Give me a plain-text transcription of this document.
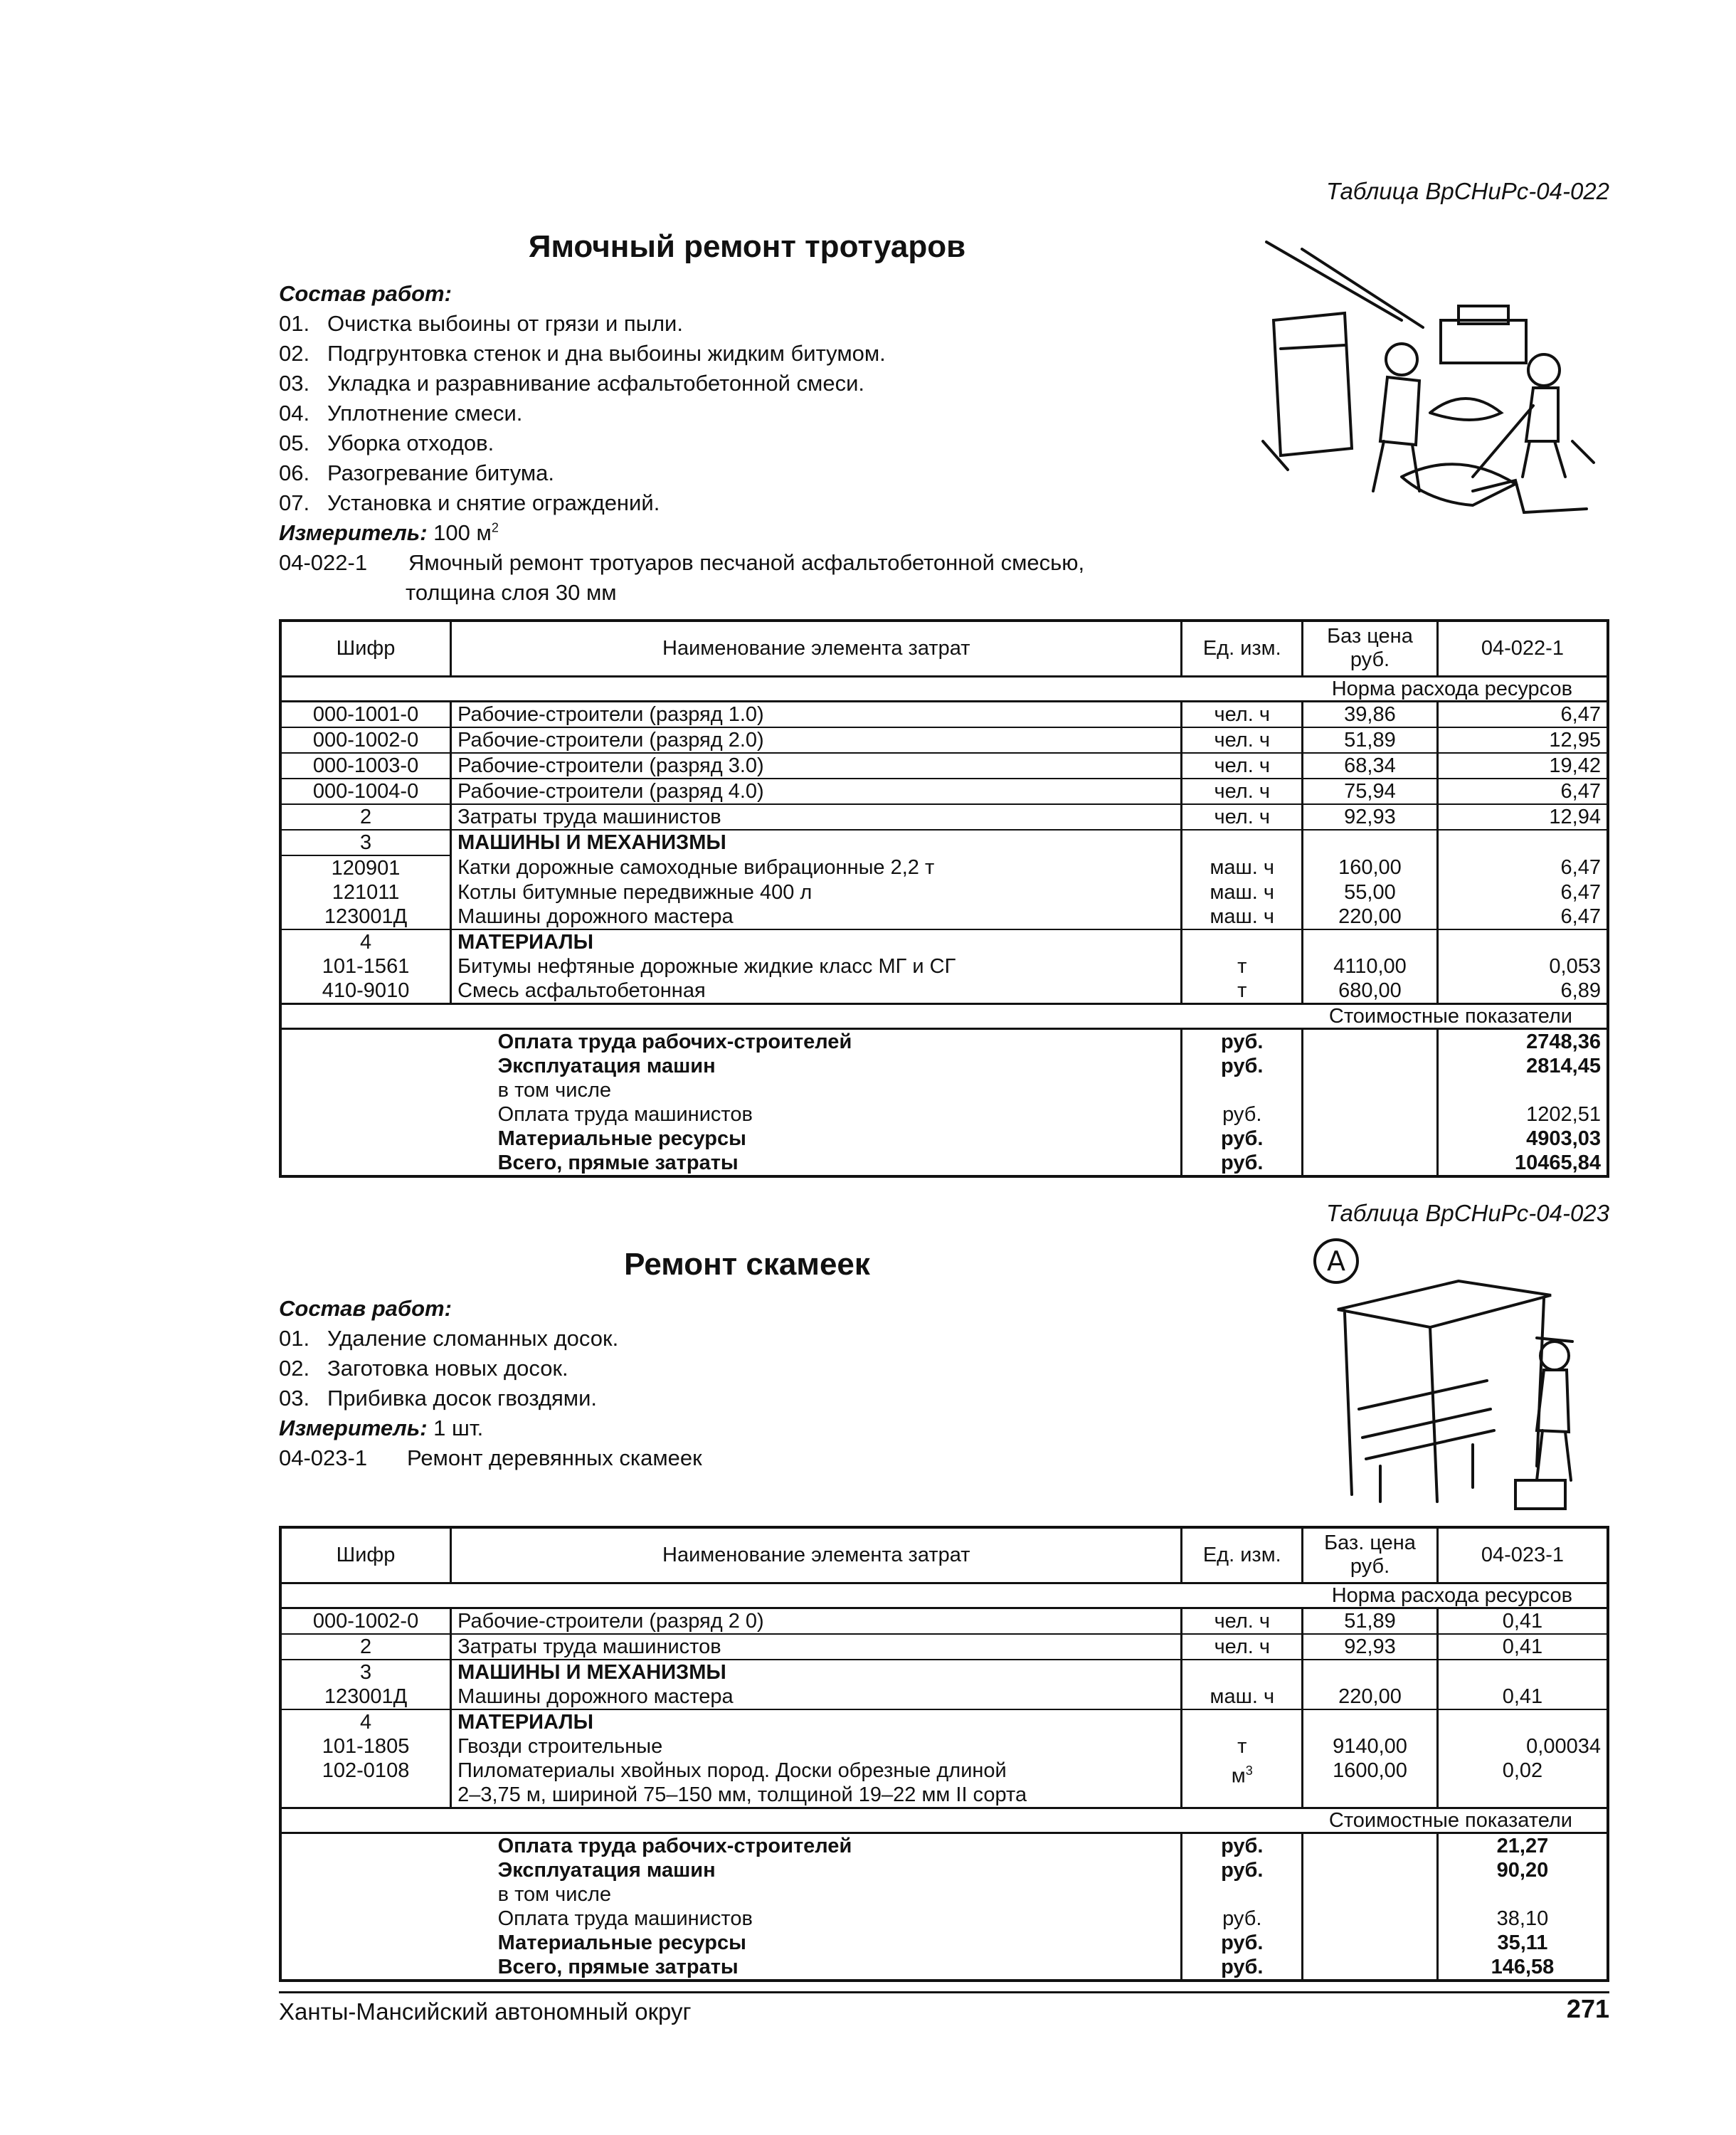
Таблица ВрСНиРс-04-022
Ямочный ремонт тротуаров
Состав работ:
01. Очистка выбоины от грязи и пыли.
02. Подгрунтовка стенок и дна выбоины жидким битумом.
03. Укладка и разравнивание асфальтобетонной смеси.
04. Уплотнение смеси.
05. Уборка отходов.
06. Разогревание битума.
07. Установка и снятие ограждений.
Измеритель: 100 $м^2$
04-022-1 Ямочный ремонт тротуаров песчаной асфальтобетонной смесью,
толщина слоя 30 мм
Шифр	Наименование элемента затрат	Ед. изм.	Баз цена руб.	04-022-1
Норма расхода ресурсов				
000-1001-0	Рабочие-строители (разряд 1.0)	чел. ч	39,86	6,47
000-1002-0	Рабочие-строители (разряд 2.0)	чел. ч	51,89	12,95
000-1003-0	Рабочие-строители (разряд 3.0)	чел. ч	68,34	19,42
000-1004-0	Рабочие-строители (разряд 4.0)	чел. ч	75,94	6,47
2	Затраты труда машинистов	чел. ч	92,93	12,94
3	МАШИНЫ И МЕХАНИЗМЫ			
120901	Катки дорожные самоходные вибрационные 2,2 т	маш. ч	160,00	6,47
121011	Котлы битумные передвижные 400 л	маш. ч	55,00	6,47
123001Д	Машины дорожного мастера	маш. ч	220,00	6,47
4	МАТЕРИАЛЫ			
101-1561	Битумы нефтяные дорожные жидкие класс МГ и СГ	т	4110,00	0,053
410-9010	Смесь асфальтобетонная	т	680,00	6,89
Стоимостные показатели				
	Оплата труда рабочих-строителей	руб.		2748,36
	Эксплуатация машин	руб.		2814,45
	в том числе			
	Оплата труда машинистов	руб.		1202,51
	Материальные ресурсы	руб.		4903,03
	Всего, прямые затраты	руб.		10465,84
Таблица ВрСНиРс-04-023
Ремонт скамеек
Состав работ:
01. Удаление сломанных досок.
02. Заготовка новых досок.
03. Прибивка досок гвоздями.
Измеритель: 1 шт.
04-023-1 Ремонт деревянных скамеек
A
Шифр	Наименование элемента затрат	Ед. изм.	Баз. цена руб.	04-023-1
Норма расхода ресурсов				
000-1002-0	Рабочие-строители (разряд 2 0)	чел. ч	51,89	0,41
2	Затраты труда машинистов	чел. ч	92,93	0,41
3	МАШИНЫ И МЕХАНИЗМЫ			
123001Д	Машины дорожного мастера	маш. ч	220,00	0,41
4	МАТЕРИАЛЫ			
101-1805	Гвозди строительные	т	9140,00	0,00034
102-0108	Пиломатериалы хвойных пород. Доски обрезные длиной
2–3,75 м, шириной 75–150 мм, толщиной 19–22 мм II сорта	$м^3$	1600,00	0,02
Стоимостные показатели				
	Оплата труда рабочих-строителей	руб.		21,27
	Эксплуатация машин	руб.		90,20
	в том числе			
	Оплата труда машинистов	руб.		38,10
	Материальные ресурсы	руб.		35,11
	Всего, прямые затраты	руб.		146,58
Ханты-Мансийский автономный округ	271
